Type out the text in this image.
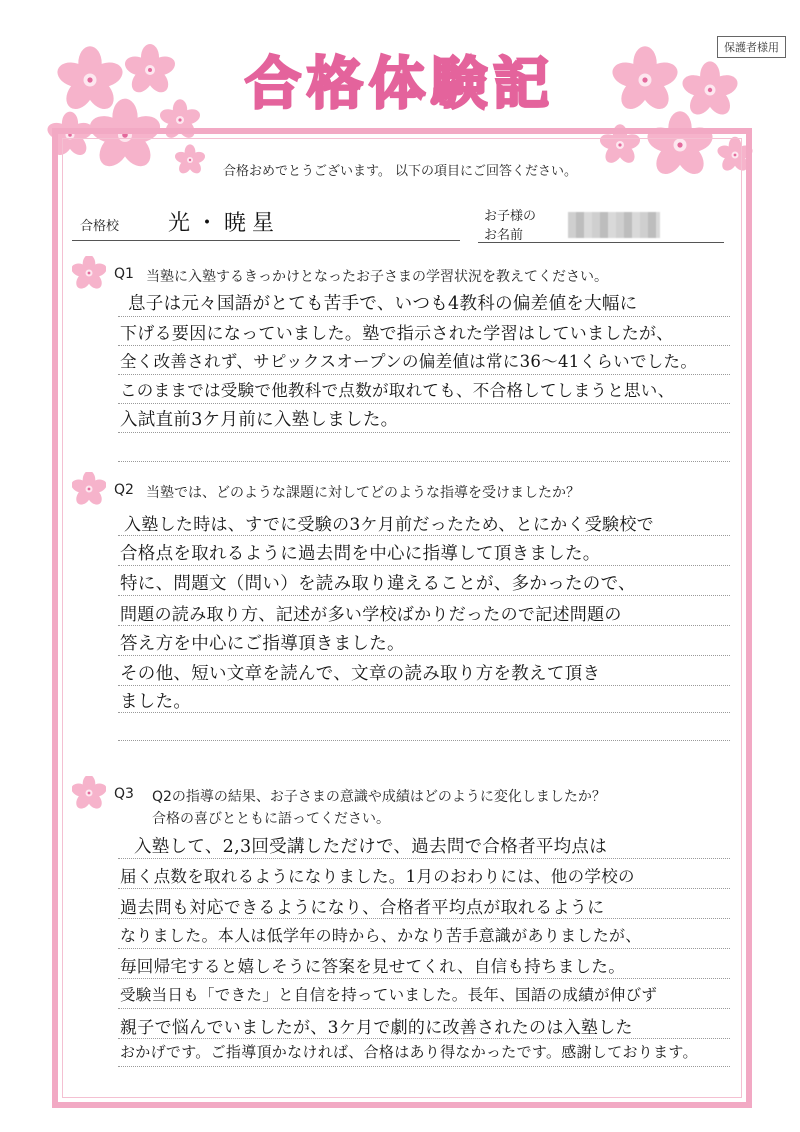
保護者様用
合格体験記
合格おめでとうございます。 以下の項目にご回答ください。
合格校 光・暁星	お子様の
お名前
Q1 当塾に入塾するきっかけとなったお子さまの学習状況を教えてください。
息子は元々国語がとても苦手で、いつも4教科の偏差値を大幅に
下げる要因になっていました。塾で指示された学習はしていましたが、
全く改善されず、サピックスオープンの偏差値は常に36〜41くらいでした。
このままでは受験で他教科で点数が取れても、不合格してしまうと思い、
入試直前3ケ月前に入塾しました。
Q2 当塾では、どのような課題に対してどのような指導を受けましたか？
入塾した時は、すでに受験の3ケ月前だったため、とにかく受験校で
合格点を取れるように過去問を中心に指導して頂きました。
特に、問題文（問い）を読み取り違えることが、多かったので、
問題の読み取り方、記述が多い学校ばかりだったので記述問題の
答え方を中心にご指導頂きました。
その他、短い文章を読んで、文章の読み取り方を教えて頂き
ました。
Q3 Q2の指導の結果、お子さまの意識や成績はどのように変化しましたか？
合格の喜びとともに語ってください。
入塾して、2,3回受講しただけで、過去問で合格者平均点は
届く点数を取れるようになりました。1月のおわりには、他の学校の
過去問も対応できるようになり、合格者平均点が取れるように
なりました。本人は低学年の時から、かなり苦手意識がありましたが、
毎回帰宅すると嬉しそうに答案を見せてくれ、自信も持ちました。
受験当日も「できた」と自信を持っていました。長年、国語の成績が伸びず
親子で悩んでいましたが、3ケ月で劇的に改善されたのは入塾した
おかげです。ご指導頂かなければ、合格はあり得なかったです。感謝しております。
